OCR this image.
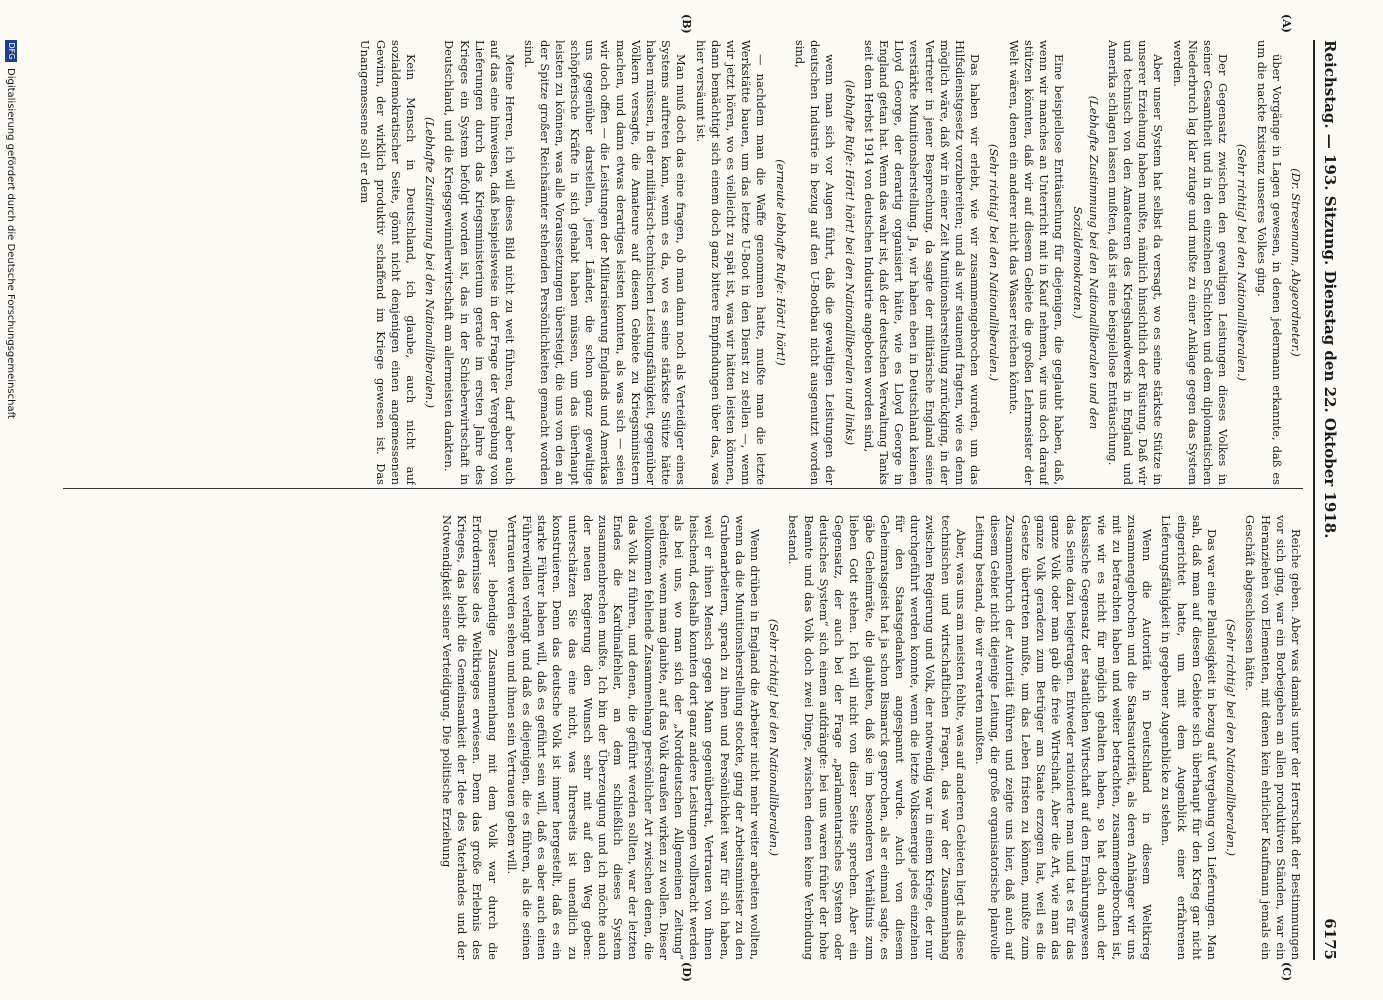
Reichstag. — 193. Sitzung. Dienstag den 22. Oktober 1918.
6175
(A)
(B)
(C)
(D)

(Dr. Stresemann, Abgeordneter.)

über Vorgänge in Lagen gewesen, in denen jedermann erkannte, daß es um die nackte Existenz unseres Volkes ging.

(Sehr richtig! bei den Nationalliberalen.)

Der Gegensatz zwischen den gewaltigen Leistungen dieses Volkes in seiner Gesamtheit und in den einzelnen Schichten und dem diplomatischen Niederbruch lag klar zutage und mußte zu einer Anklage gegen das System werden.

Aber unser System hat selbst da versagt, wo es seine stärkste Stütze in unserer Erziehung haben mußte, nämlich hinsichtlich der Rüstung. Daß wir und technisch von den Amateuren des Kriegshandwerks in England und Amerika schlagen lassen mußten, daß ist eine beispiellose Enttäuschung.

(Lebhafte Zustimmung bei den Nationalliberalen und den Sozialdemokraten.)

Eine beispiellose Enttäuschung für diejenigen, die geglaubt haben, daß, wenn wir manches an Unterricht mit in Kauf nehmen, wir uns doch darauf stützen könnten, daß wir auf diesem Gebiete die großen Lehrmeister der Welt wären, denen ein anderer nicht das Wasser reichen könnte.

(Sehr richtig! bei den Nationalliberalen.)

Das haben wir erlebt, wie wir zusammengebrochen wurden, um das Hilfsdienstgesetz vorzubereiten; und als wir staunend fragten, wie es denn möglich wäre, daß wir in einer Zeit Munitionsherstellung zurückging, in der Vertreter in jener Besprechung, da sagte der militärische England seine verstärkte Munitionsherstellung. Ja, wir haben eben in Deutschland keinen Lloyd George, der derartig organisiert hätte, wie es Lloyd George in England getan hat. Wenn das wahr ist, daß der deutschen Verwaltung Tanks seit dem Herbst 1914 von deutschen Industrie angeboten worden sind,

(lebhafte Rufe: Hört! hört! bei den Nationalliberalen und links)

wenn man sich vor Augen führt, daß die gewaltigen Leistungen der deutschen Industrie in bezug auf den U-Bootbau nicht ausgenutzt worden sind,

(erneute lebhafte Rufe: Hört! hört!)

— nachdem man die Waffe genommen hatte, mußte man die letzte Werkstätte bauen, um das letzte U-Boot in den Dienst zu stellen —, wenn wir jetzt hören, wo es vielleicht zu spät ist, was wir hätten leisten können, dann bemächtigt sich einem doch ganz bittere Empfindungen über das, was hier versäumt ist.

Man muß doch das eine fragen, ob man dann noch als Verteidiger eines Systems auftreten kann, wenn es da, wo es seine stärkste Stütze hätte haben müssen, in der militärisch-technischen Leistungsfähigkeit, gegenüber Völkern versagte, die Amateure auf diesem Gebiete zu Kriegsministern machen, und dann etwas derartiges leisten konnten, als was sich — seien wir doch offen — die Leistungen der Militarisierung Englands und Amerikas uns gegenüber darstellen, jener Länder, die schon ganz gewaltige schöpferische Kräfte in sich gehabt haben müssen, um das überhaupt leisten zu können, was alle Voraussetzungen übersteigt, die uns von den an der Spitze großer Reichsämter stehenden Persönlichkeiten gemacht worden sind.

Meine Herren, ich will dieses Bild nicht zu weit führen, darf aber auch auf das eine hinweisen, daß beispielsweise in der Frage der Vergebung von Lieferungen durch das Kriegsministerium gerade im ersten Jahre des Krieges ein System befolgt worden ist, das in der Schieberwirtschaft in Deutschland, und die Kriegsgewinnlerwirtschaft am allermeisten dankten.

(Lebhafte Zustimmung bei den Nationalliberalen.)

Kein Mensch in Deutschland, ich glaube, auch nicht auf sozialdemokratischer Seite, gönnt nicht denjenigen einen angemessenen Gewinn, der wirklich produktiv schaffend im Kriege gewesen ist. Das Unangemessene soll er dem

Reiche geben. Aber was damals unter der Herrschaft der Bestimmungen vor sich ging, war ein Borbeigeben an allen produktiven Ständen, war ein Heranziehen von Elementen, mit denen kein ehrlicher Kaufmann jemals ein Geschäft abgeschlossen hätte.

(Sehr richtig! bei den Nationalliberalen.)

Das war eine Planlosigkeit in bezug auf Vergebung von Lieferungen. Man sah, daß man auf diesem Gebiete sich überhaupt für den Krieg gar nicht eingerichtet hatte, um mit dem Augenblick einer erfahrenen Lieferungsfähigkeit in gegebener Augenblicke zu stehen.

Wenn die Autorität in Deutschland in diesem Weltkrieg zusammengebrochen und die Staatsautorität, als deren Anhänger wir uns mit zu betrachten haben und weiter betrachten, zusammengebrochen ist, wie wir es nicht für möglich gehalten haben, so hat doch auch der klassische Gegensatz der staatlichen Wirtschaft auf dem Ernährungswesen das Seine dazu beigetragen. Entweder rationierte man und tat es für das ganze Volk oder man gab die freie Wirtschaft. Aber die Art, wie man das ganze Volk geradezu zum Betrüger am Staate erzogen hat, weil es die Gesetze übertreten mußte, um das Leben fristen zu können, mußte zum Zusammenbruch der Autorität führen und zeigte uns hier, daß auch auf diesem Gebiet nicht diejenige Leitung, die große organisatorische planvolle Leitung bestand, die wir erwarten mußten.

Aber, was uns am meisten fehlte, was auf anderen Gebieten liegt als diese technischen und wirtschaftlichen Fragen, das war der Zusammenhang zwischen Regierung und Volk, der notwendig war in einem Kriege, der nur durchgeführt werden konnte, wenn die letzte Volksenergie jedes einzelnen für den Staatsgedanken angespannt wurde. Auch von diesem Geheimratsgeist hat ja schon Bismarck gesprochen, als er einmal sagte, es gäbe Geheimräte, die glaubten, daß sie im besonderen Verhältnis zum lieben Gott stehen. Ich will nicht von dieser Seite sprechen. Aber ein Gegensatz, der auch bei der Frage „parlamentarisches System oder deutsches System“ sich einem aufdrängte: bei uns waren früher der hohe Beamte und das Volk doch zwei Dinge, zwischen denen keine Verbindung bestand.

(Sehr richtig! bei den Nationalliberalen.)

Wenn drüben in England die Arbeiter nicht mehr weiter arbeiten wollten, wenn da die Munitionsherstellung stockte, ging der Arbeitsminister zu den Grubenarbeitern, sprach zu ihnen und Persönlichkeit war für sich haben, weil er ihnen Mensch gegen Mann gegenübertrat, Vertrauen von ihnen heischend, deshalb konnten dort ganz andere Leistungen vollbracht werden als bei uns, wo man sich der „Norddeutschen Allgemeinen Zeitung“ bediente, wenn man glaubte, auf das Volk draußen wirken zu wollen. Dieser vollkommen fehlende Zusammenhang persönlicher Art zwischen denen, die das Volk zu führen, und denen, die geführt werden sollten, war der letzten Endes die Kardinalfehler, an dem schließlich dieses System zusammenbrechen mußte. Ich bin der Überzeugung und ich möchte auch der neuen Regierung den Wunsch sehr mit auf den Weg geben: unterschätzen Sie das eine nicht, was Ihrerseits ist unendlich zu konstruieren. Denn das deutsche Volk ist immer hergestellt, daß es ein starke Führer haben will, daß es geführt sein will, daß es aber auch einen Führerwillen verlangt und daß es diejenigen, die es führen, als die seinen Vertrauen werden sehen und ihnen sein Vertrauen geben will.

Dieser lebendige Zusammenhang mit dem Volk war durch die Erfordernisse des Weltkrieges erwiesen. Denn das große Erlebnis des Krieges, das bleibt die Gemeinsamkeit der Idee des Vaterlandes und der Notwendigkeit seiner Verteidigung. Die politische Erziehung

DFG
Digitalisierung gefördert durch die Deutsche Forschungsgemeinschaft
